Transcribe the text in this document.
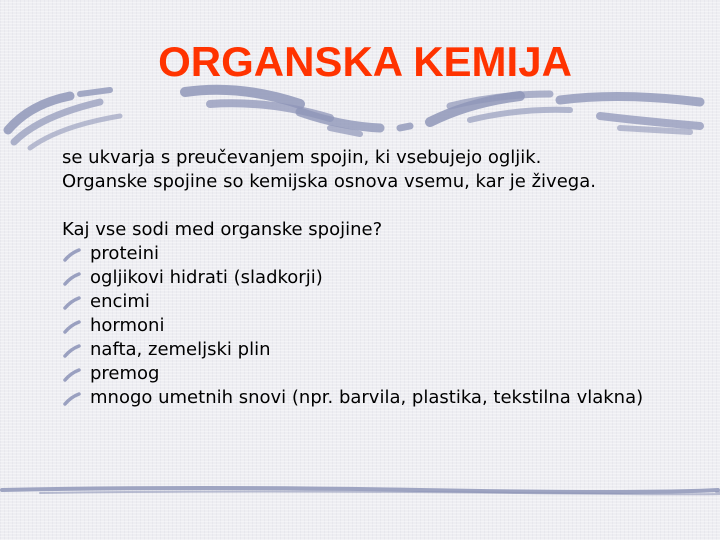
ORGANSKA KEMIJA

se ukvarja s preučevanjem spojin, ki vsebujejo ogljik.

Organske spojine so kemijska osnova vsemu, kar je živega.

Kaj vse sodi med organske spojine?

proteini
ogljikovi hidrati (sladkorji)
encimi
hormoni
nafta, zemeljski plin
premog
mnogo umetnih snovi (npr. barvila, plastika, tekstilna vlakna)
